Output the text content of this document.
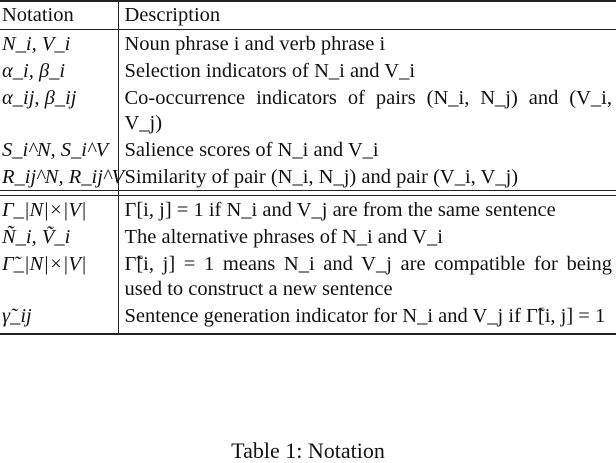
Notation	Description
N_i, V_i	Noun phrase i and verb phrase i
α_i, β_i	Selection indicators of N_i and V_i
α_ij, β_ij	Co-occurrence indicators of pairs (N_i, N_j) and (V_i, V_j)
S_i^N, S_i^V	Salience scores of N_i and V_i
R_ij^N, R_ij^V	Similarity of pair (N_i, N_j) and pair (V_i, V_j)

Γ_|N|×|V|	Γ[i, j] = 1 if N_i and V_j are from the same sentence
Ñ_i, Ṽ_i	The alternative phrases of N_i and V_i
Γ̃_|N|×|V|	Γ̃[i, j] = 1 means N_i and V_j are compatible for being used to construct a new sentence
γ̃_ij	Sentence generation indicator for N_i and V_j if Γ̃[i, j] = 1
Table 1: Notation
